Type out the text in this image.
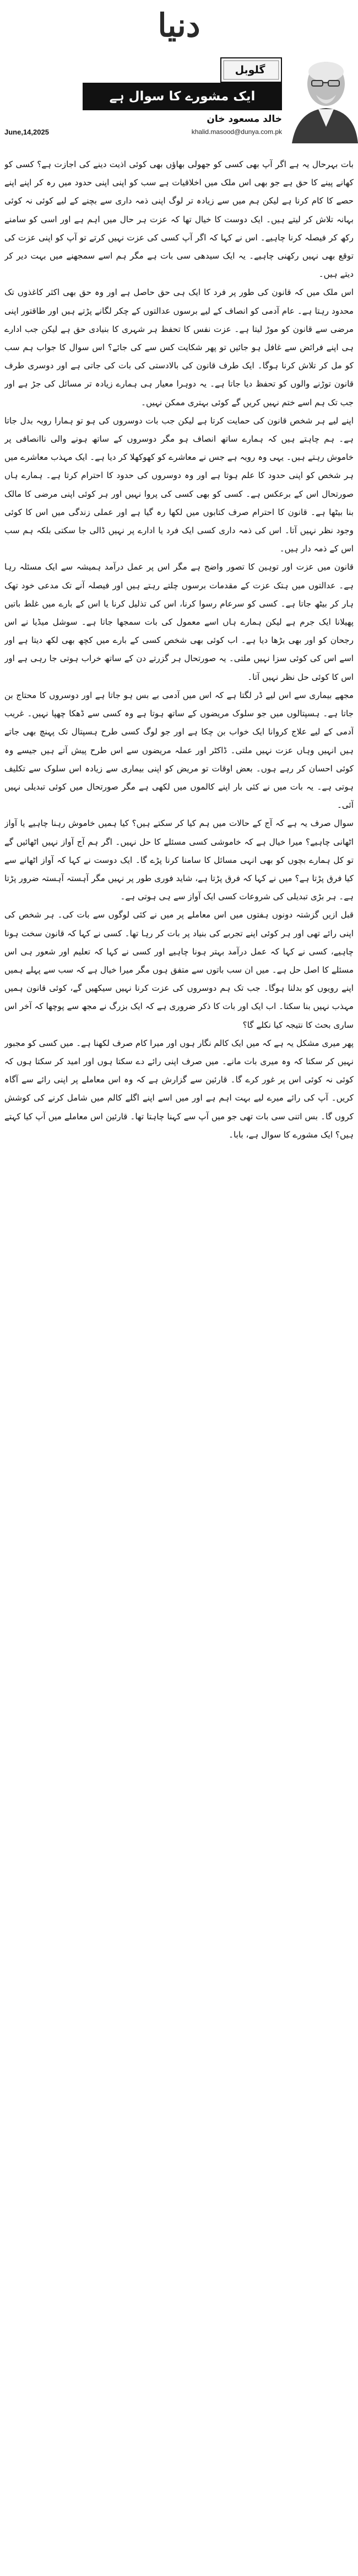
دنیا
گلوبل
ایک مشورے کا سوال ہے
خالد مسعود خان
khalid.masood@dunya.com.pk
June,14,2025

بات بہرحال یہ ہے اگر آپ بھی کسی کو جھولی بھاؤں بھی کوئی اذیت دینے کی اجازت ہے؟ کسی کو کھانے پینے کا حق ہے جو بھی اس ملک میں اخلاقیات ہے سب کو اپنی اپنی حدود میں رہ کر اپنے اپنے حصے کا کام کرنا ہے لیکن ہم میں سے زیادہ تر لوگ اپنی ذمہ داری سے بچنے کے لیے کوئی نہ کوئی بہانہ تلاش کر لیتے ہیں۔ ایک دوست کا خیال تھا کہ عزت ہر حال میں اہم ہے اور اسی کو سامنے رکھ کر فیصلہ کرنا چاہیے۔ اس نے کہا کہ اگر آپ کسی کی عزت نہیں کرتے تو آپ کو اپنی عزت کی توقع بھی نہیں رکھنی چاہیے۔ یہ ایک سیدھی سی بات ہے مگر ہم اسے سمجھنے میں بہت دیر کر دیتے ہیں۔

اس ملک میں کہ قانون کی طور پر فرد کا ایک ہی حق حاصل ہے اور وہ حق بھی اکثر کاغذوں تک محدود رہتا ہے۔ عام آدمی کو انصاف کے لیے برسوں عدالتوں کے چکر لگانے پڑتے ہیں اور طاقتور اپنی مرضی سے قانون کو موڑ لیتا ہے۔ عزت نفس کا تحفظ ہر شہری کا بنیادی حق ہے لیکن جب ادارے ہی اپنے فرائض سے غافل ہو جائیں تو پھر شکایت کس سے کی جائے؟ اس سوال کا جواب ہم سب کو مل کر تلاش کرنا ہوگا۔ ایک طرف قانون کی بالادستی کی بات کی جاتی ہے اور دوسری طرف قانون توڑنے والوں کو تحفظ دیا جاتا ہے۔ یہ دوہرا معیار ہی ہمارے زیادہ تر مسائل کی جڑ ہے اور جب تک ہم اسے ختم نہیں کریں گے کوئی بہتری ممکن نہیں۔

اپنے لیے ہر شخص قانون کی حمایت کرتا ہے لیکن جب بات دوسروں کی ہو تو ہمارا رویہ بدل جاتا ہے۔ ہم چاہتے ہیں کہ ہمارے ساتھ انصاف ہو مگر دوسروں کے ساتھ ہونے والی ناانصافی پر خاموش رہتے ہیں۔ یہی وہ رویہ ہے جس نے معاشرے کو کھوکھلا کر دیا ہے۔ ایک مہذب معاشرے میں ہر شخص کو اپنی حدود کا علم ہوتا ہے اور وہ دوسروں کی حدود کا احترام کرتا ہے۔ ہمارے ہاں صورتحال اس کے برعکس ہے۔ کسی کو بھی کسی کی پروا نہیں اور ہر کوئی اپنی مرضی کا مالک بنا بیٹھا ہے۔ قانون کا احترام صرف کتابوں میں لکھا رہ گیا ہے اور عملی زندگی میں اس کا کوئی وجود نظر نہیں آتا۔ اس کی ذمہ داری کسی ایک فرد یا ادارے پر نہیں ڈالی جا سکتی بلکہ ہم سب اس کے ذمہ دار ہیں۔

قانون میں عزت اور توہین کا تصور واضح ہے مگر اس پر عمل درآمد ہمیشہ سے ایک مسئلہ رہا ہے۔ عدالتوں میں ہتک عزت کے مقدمات برسوں چلتے رہتے ہیں اور فیصلہ آنے تک مدعی خود تھک ہار کر بیٹھ جاتا ہے۔ کسی کو سرعام رسوا کرنا، اس کی تذلیل کرنا یا اس کے بارے میں غلط باتیں پھیلانا ایک جرم ہے لیکن ہمارے ہاں اسے معمول کی بات سمجھا جاتا ہے۔ سوشل میڈیا نے اس رجحان کو اور بھی بڑھا دیا ہے۔ اب کوئی بھی شخص کسی کے بارے میں کچھ بھی لکھ دیتا ہے اور اسے اس کی کوئی سزا نہیں ملتی۔ یہ صورتحال ہر گزرتے دن کے ساتھ خراب ہوتی جا رہی ہے اور اس کا کوئی حل نظر نہیں آتا۔

مجھے بیماری سے اس لیے ڈر لگتا ہے کہ اس میں آدمی بے بس ہو جاتا ہے اور دوسروں کا محتاج بن جاتا ہے۔ ہسپتالوں میں جو سلوک مریضوں کے ساتھ ہوتا ہے وہ کسی سے ڈھکا چھپا نہیں۔ غریب آدمی کے لیے علاج کروانا ایک خواب بن چکا ہے اور جو لوگ کسی طرح ہسپتال تک پہنچ بھی جاتے ہیں انہیں وہاں عزت نہیں ملتی۔ ڈاکٹر اور عملہ مریضوں سے اس طرح پیش آتے ہیں جیسے وہ کوئی احسان کر رہے ہوں۔ بعض اوقات تو مریض کو اپنی بیماری سے زیادہ اس سلوک سے تکلیف ہوتی ہے۔ یہ بات میں نے کئی بار اپنے کالموں میں لکھی ہے مگر صورتحال میں کوئی تبدیلی نہیں آئی۔

سوال صرف یہ ہے کہ آج کے حالات میں ہم کیا کر سکتے ہیں؟ کیا ہمیں خاموش رہنا چاہیے یا آواز اٹھانی چاہیے؟ میرا خیال ہے کہ خاموشی کسی مسئلے کا حل نہیں۔ اگر ہم آج آواز نہیں اٹھائیں گے تو کل ہمارے بچوں کو بھی انہی مسائل کا سامنا کرنا پڑے گا۔ ایک دوست نے کہا کہ آواز اٹھانے سے کیا فرق پڑتا ہے؟ میں نے کہا کہ فرق پڑتا ہے، شاید فوری طور پر نہیں مگر آہستہ آہستہ ضرور پڑتا ہے۔ ہر بڑی تبدیلی کی شروعات کسی ایک آواز سے ہی ہوتی ہے۔

قبل ازیں گزشتہ دونوں ہفتوں میں اس معاملے پر میں نے کئی لوگوں سے بات کی۔ ہر شخص کی اپنی رائے تھی اور ہر کوئی اپنے تجربے کی بنیاد پر بات کر رہا تھا۔ کسی نے کہا کہ قانون سخت ہونا چاہیے، کسی نے کہا کہ عمل درآمد بہتر ہونا چاہیے اور کسی نے کہا کہ تعلیم اور شعور ہی اس مسئلے کا اصل حل ہے۔ میں ان سب باتوں سے متفق ہوں مگر میرا خیال ہے کہ سب سے پہلے ہمیں اپنے رویوں کو بدلنا ہوگا۔ جب تک ہم دوسروں کی عزت کرنا نہیں سیکھیں گے، کوئی قانون ہمیں مہذب نہیں بنا سکتا۔ اب ایک اور بات کا ذکر ضروری ہے کہ ایک بزرگ نے مجھ سے پوچھا کہ آخر اس ساری بحث کا نتیجہ کیا نکلے گا؟

پھر میری مشکل یہ ہے کہ میں ایک کالم نگار ہوں اور میرا کام صرف لکھنا ہے۔ میں کسی کو مجبور نہیں کر سکتا کہ وہ میری بات مانے۔ میں صرف اپنی رائے دے سکتا ہوں اور امید کر سکتا ہوں کہ کوئی نہ کوئی اس پر غور کرے گا۔ قارئین سے گزارش ہے کہ وہ اس معاملے پر اپنی رائے سے آگاہ کریں۔ آپ کی رائے میرے لیے بہت اہم ہے اور میں اسے اپنے اگلے کالم میں شامل کرنے کی کوشش کروں گا۔ بس اتنی سی بات تھی جو میں آپ سے کہنا چاہتا تھا۔ قارئین اس معاملے میں آپ کیا کہتے ہیں؟ ایک مشورے کا سوال ہے، بابا۔
